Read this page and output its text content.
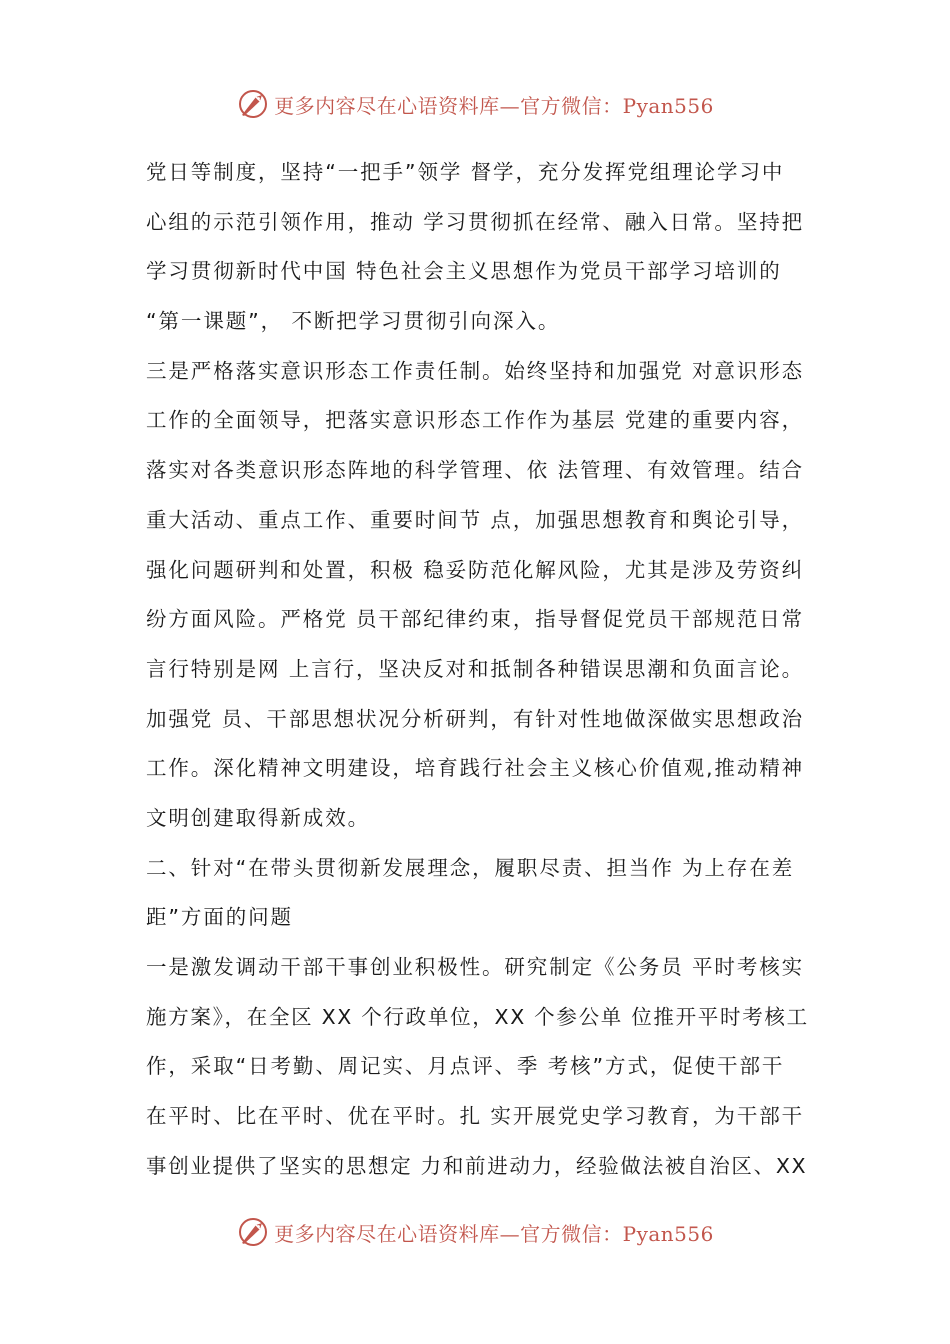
更多内容尽在心语资料库—官方微信：Pyan556
党日等制度，坚持“一把手”领学 督学，充分发挥党组理论学习中
心组的示范引领作用，推动 学习贯彻抓在经常、融入日常。坚持把
学习贯彻新时代中国 特色社会主义思想作为党员干部学习培训的
“第一课题”， 不断把学习贯彻引向深入。
三是严格落实意识形态工作责任制。始终坚持和加强党 对意识形态
工作的全面领导，把落实意识形态工作作为基层 党建的重要内容，
落实对各类意识形态阵地的科学管理、依 法管理、有效管理。结合
重大活动、重点工作、重要时间节 点，加强思想教育和舆论引导，
强化问题研判和处置，积极 稳妥防范化解风险，尤其是涉及劳资纠
纷方面风险。严格党 员干部纪律约束，指导督促党员干部规范日常
言行特别是网 上言行，坚决反对和抵制各种错误思潮和负面言论。
加强党 员、干部思想状况分析研判，有针对性地做深做实思想政治
工作。深化精神文明建设，培育践行社会主义核心价值观,推动精神
文明创建取得新成效。
二、针对“在带头贯彻新发展理念，履职尽责、担当作 为上存在差
距”方面的问题
一是激发调动干部干事创业积极性。研究制定《公务员 平时考核实
施方案》，在全区 XX 个行政单位，XX 个参公单 位推开平时考核工
作，采取“日考勤、周记实、月点评、季 考核”方式，促使干部干
在平时、比在平时、优在平时。扎 实开展党史学习教育，为干部干
事创业提供了坚实的思想定 力和前进动力，经验做法被自治区、XX
更多内容尽在心语资料库—官方微信：Pyan556
